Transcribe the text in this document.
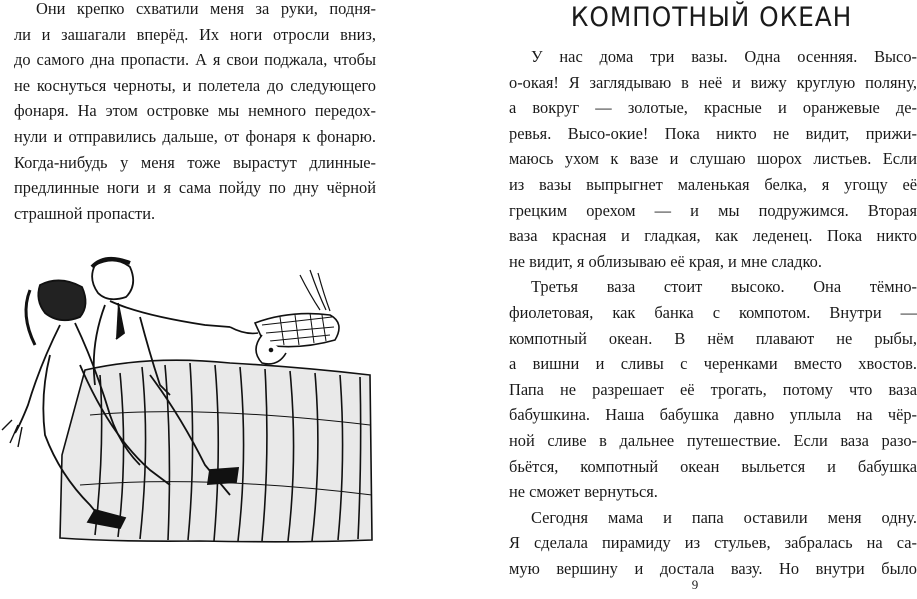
Они крепко схватили меня за руки, подня-
ли и зашагали вперёд. Их ноги отросли вниз,
до самого дна пропасти. А я свои поджала, чтобы
не коснуться черноты, и полетела до следующего
фонаря. На этом островке мы немного передох-
нули и отправились дальше, от фонаря к фонарю.
Когда-нибудь у меня тоже вырастут длинные-
предлинные ноги и я сама пойду по дну чёрной
страшной пропасти.
КОМПОТНЫЙ ОКЕАН
У нас дома три вазы. Одна осенняя. Высо-
о-окая! Я заглядываю в неё и вижу круглую поляну,
а вокруг — золотые, красные и оранжевые де-
ревья. Высо-окие! Пока никто не видит, прижи-
маюсь ухом к вазе и слушаю шорох листьев. Если
из вазы выпрыгнет маленькая белка, я угощу её
грецким орехом — и мы подружимся. Вторая
ваза красная и гладкая, как леденец. Пока никто
не видит, я облизываю её края, и мне сладко.
Третья ваза стоит высоко. Она тёмно-
фиолетовая, как банка с компотом. Внутри —
компотный океан. В нём плавают не рыбы,
а вишни и сливы с черенками вместо хвостов.
Папа не разрешает её трогать, потому что ваза
бабушкина. Наша бабушка давно уплыла на чёр-
ной сливе в дальнее путешествие. Если ваза разо-
бьётся, компотный океан выльется и бабушка
не сможет вернуться.
Сегодня мама и папа оставили меня одну.
Я сделала пирамиду из стульев, забралась на са-
мую вершину и достала вазу. Но внутри было
9
